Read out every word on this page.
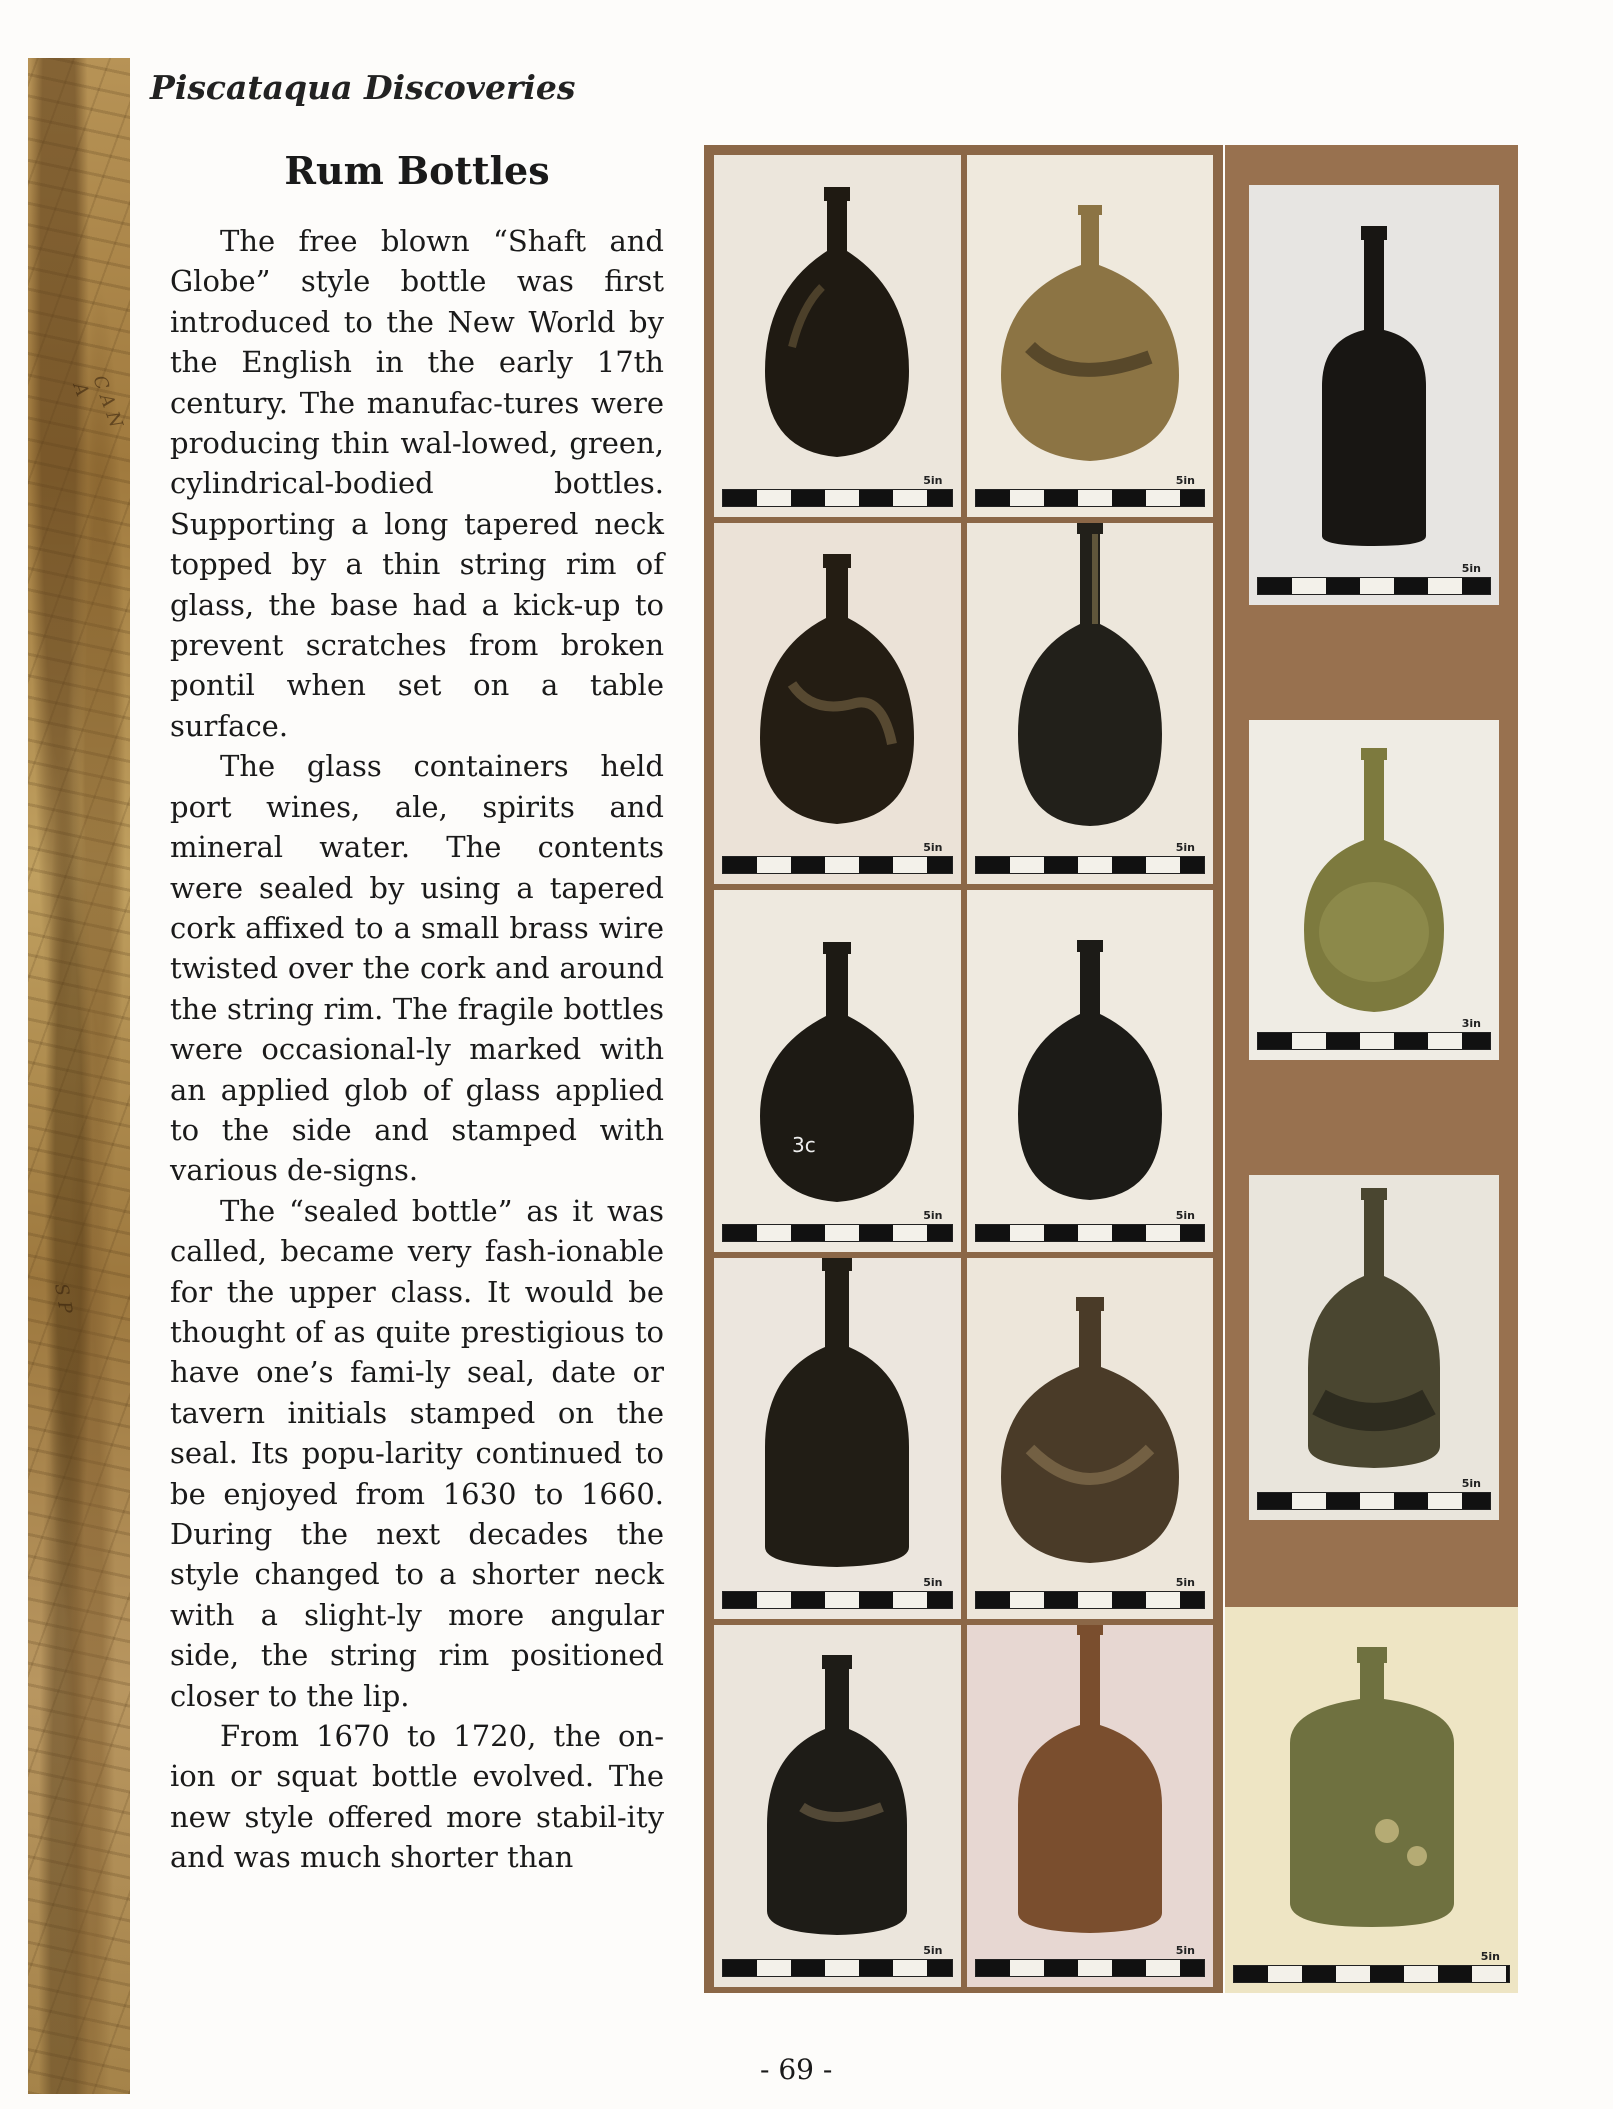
C A N A
S P
Piscataqua Discoveries
Rum Bottles

The free blown “Shaft and Globe” style bottle was first introduced to the New World by the English in the early 17th century. The manufac-tures were producing thin wal-lowed, green, cylindrical-bodied bottles. Supporting a long tapered neck topped by a thin string rim of glass, the base had a kick-up to prevent scratches from broken pontil when set on a table surface.

The glass containers held port wines, ale, spirits and mineral water. The contents were sealed by using a tapered cork affixed to a small brass wire twisted over the cork and around the string rim. The fragile bottles were occasional-ly marked with an applied glob of glass applied to the side and stamped with various de-signs.

The “sealed bottle” as it was called, became very fash-ionable for the upper class. It would be thought of as quite prestigious to have one’s fami-ly seal, date or tavern initials stamped on the seal. Its popu-larity continued to be enjoyed from 1630 to 1660. During the next decades the style changed to a shorter neck with a slight-ly more angular side, the string rim positioned closer to the lip.

From 1670 to 1720, the on-ion or squat bottle evolved. The new style offered more stabil-ity and was much shorter than

5in	5in
5in	5in
3c
5in	5in
5in	5in
5in	5in
5in
3in
5in
5in
- 69 -
